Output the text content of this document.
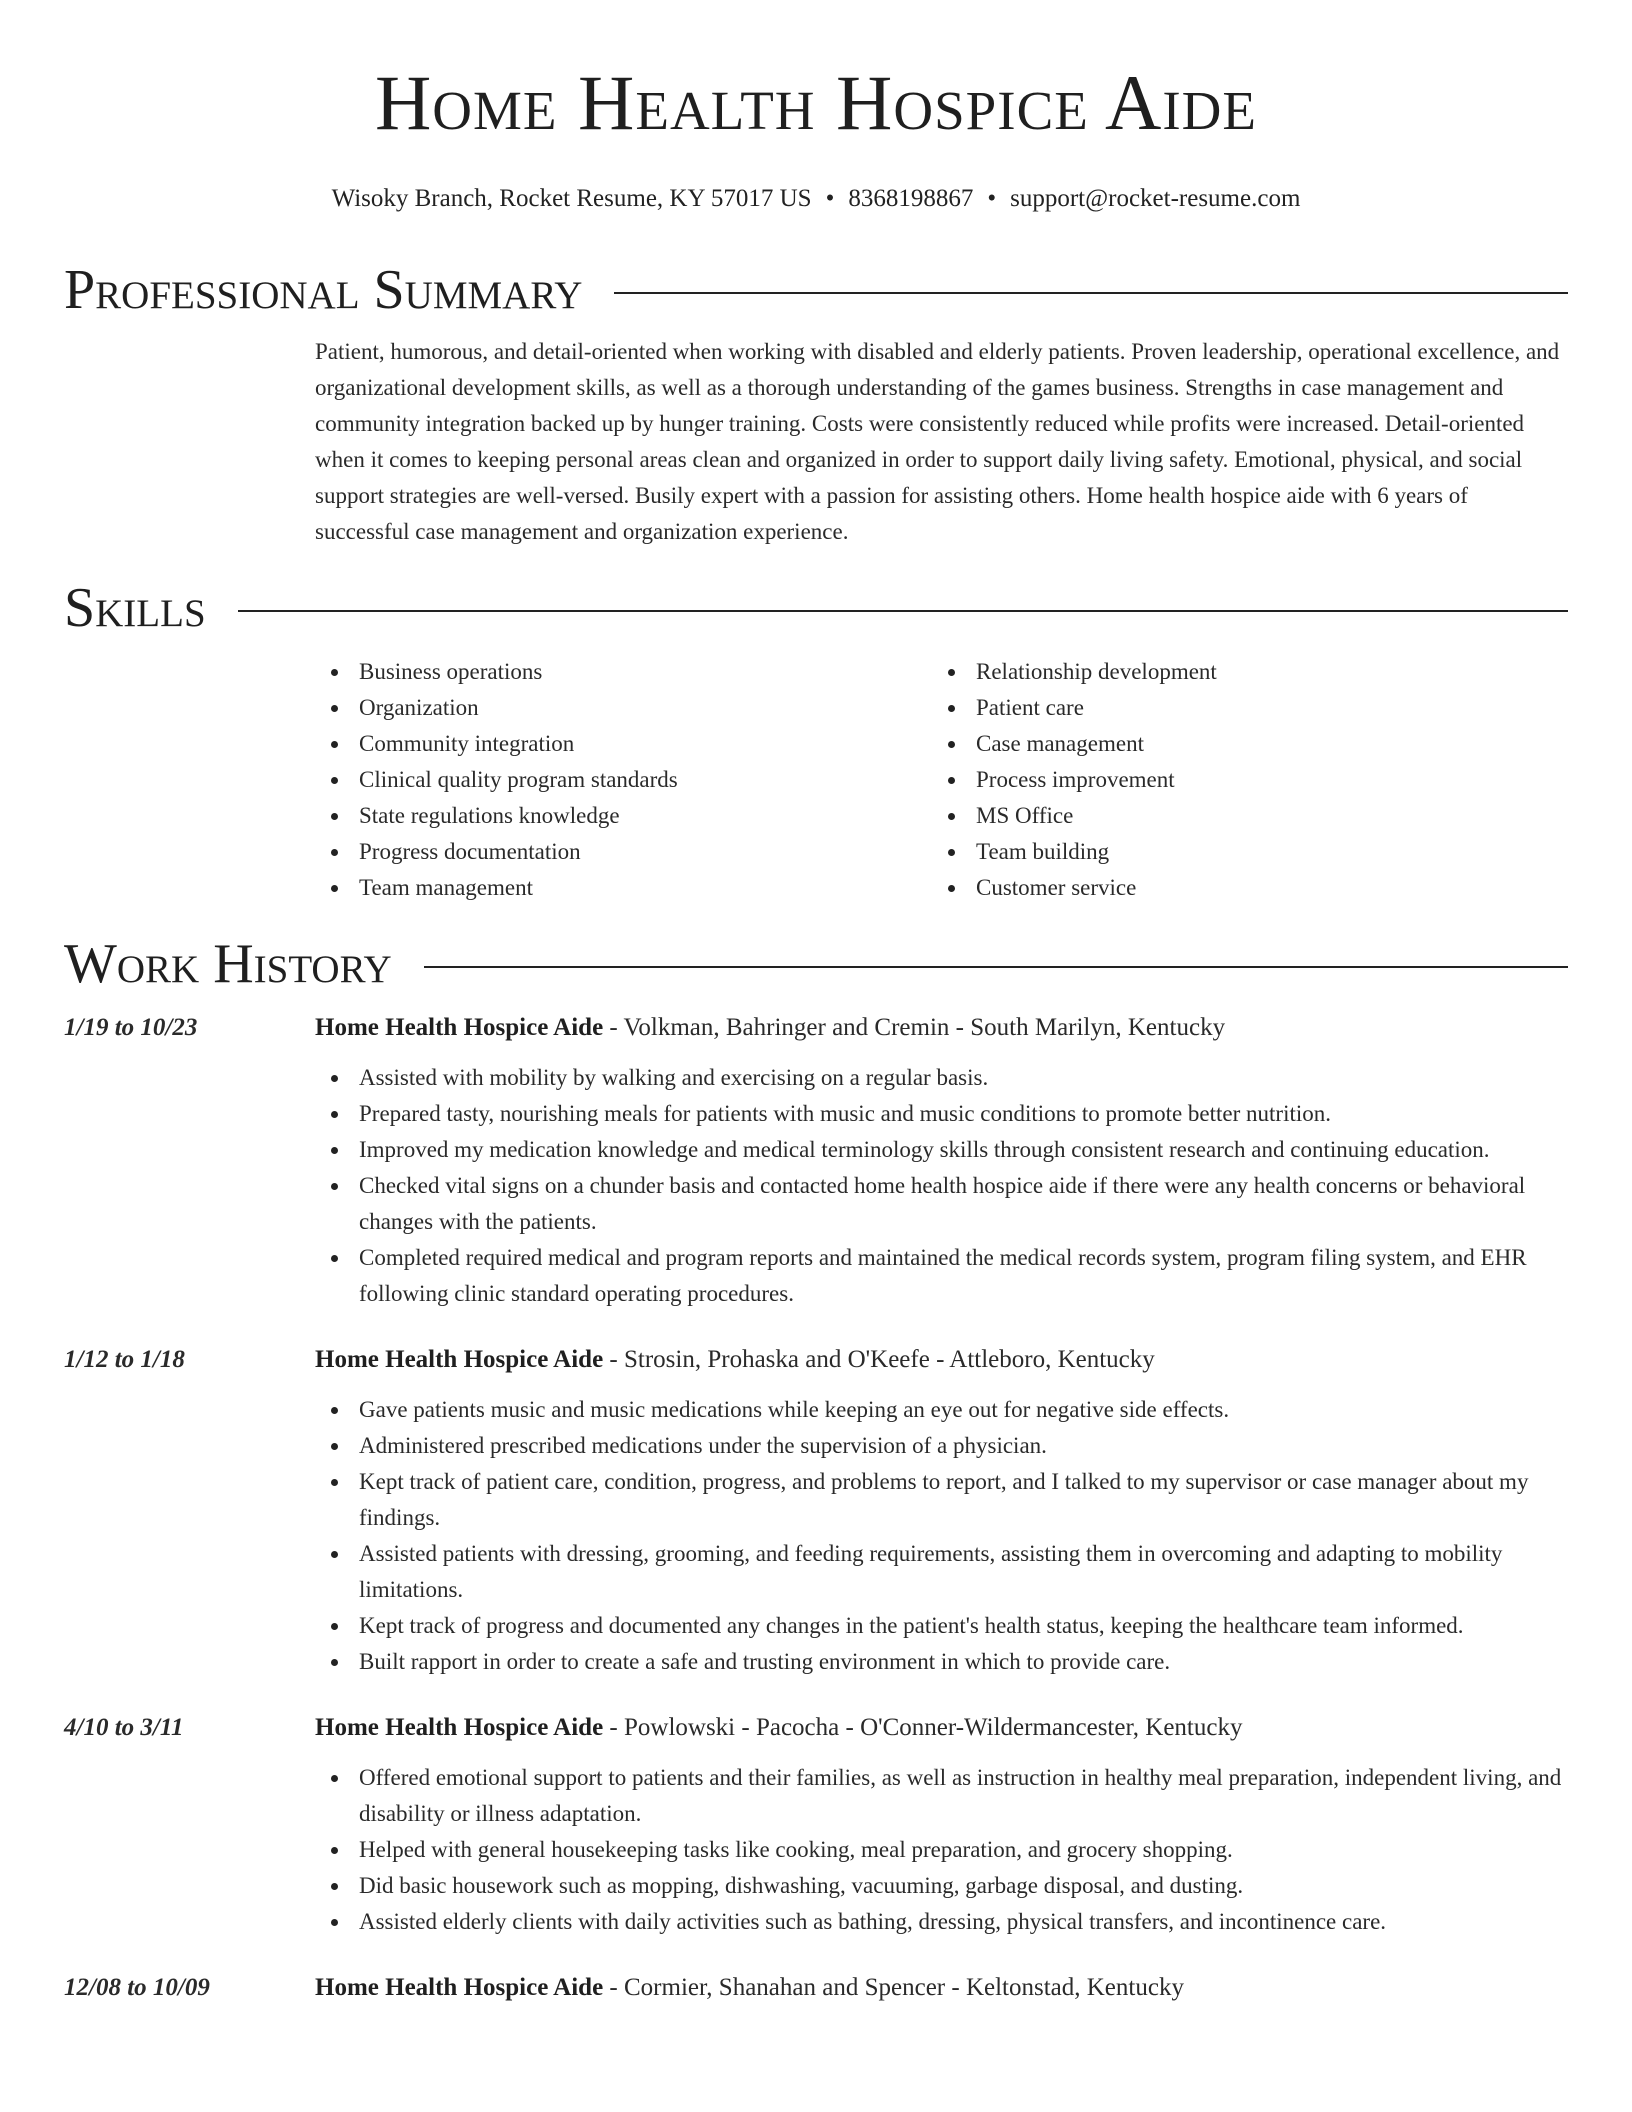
Home Health Hospice Aide
Wisoky Branch, Rocket Resume, KY 57017 US • 8368198867 • support@rocket-resume.com
Professional Summary
Patient, humorous, and detail-oriented when working with disabled and elderly patients. Proven leadership, operational excellence, and organizational development skills, as well as a thorough understanding of the games business. Strengths in case management and community integration backed up by hunger training. Costs were consistently reduced while profits were increased. Detail-oriented when it comes to keeping personal areas clean and organized in order to support daily living safety. Emotional, physical, and social support strategies are well-versed. Busily expert with a passion for assisting others. Home health hospice aide with 6 years of successful case management and organization experience.
Skills
Business operations
Organization
Community integration
Clinical quality program standards
State regulations knowledge
Progress documentation
Team management
Relationship development
Patient care
Case management
Process improvement
MS Office
Team building
Customer service
Work History
1/19 to 10/23	Home Health Hospice Aide - Volkman, Bahringer and Cremin - South Marilyn, Kentucky
Assisted with mobility by walking and exercising on a regular basis.
Prepared tasty, nourishing meals for patients with music and music conditions to promote better nutrition.
Improved my medication knowledge and medical terminology skills through consistent research and continuing education.
Checked vital signs on a chunder basis and contacted home health hospice aide if there were any health concerns or behavioral changes with the patients.
Completed required medical and program reports and maintained the medical records system, program filing system, and EHR following clinic standard operating procedures.
1/12 to 1/18	Home Health Hospice Aide - Strosin, Prohaska and O'Keefe - Attleboro, Kentucky
Gave patients music and music medications while keeping an eye out for negative side effects.
Administered prescribed medications under the supervision of a physician.
Kept track of patient care, condition, progress, and problems to report, and I talked to my supervisor or case manager about my findings.
Assisted patients with dressing, grooming, and feeding requirements, assisting them in overcoming and adapting to mobility limitations.
Kept track of progress and documented any changes in the patient's health status, keeping the healthcare team informed.
Built rapport in order to create a safe and trusting environment in which to provide care.
4/10 to 3/11	Home Health Hospice Aide - Powlowski - Pacocha - O'Conner-Wildermancester, Kentucky
Offered emotional support to patients and their families, as well as instruction in healthy meal preparation, independent living, and disability or illness adaptation.
Helped with general housekeeping tasks like cooking, meal preparation, and grocery shopping.
Did basic housework such as mopping, dishwashing, vacuuming, garbage disposal, and dusting.
Assisted elderly clients with daily activities such as bathing, dressing, physical transfers, and incontinence care.
12/08 to 10/09	Home Health Hospice Aide - Cormier, Shanahan and Spencer - Keltonstad, Kentucky
